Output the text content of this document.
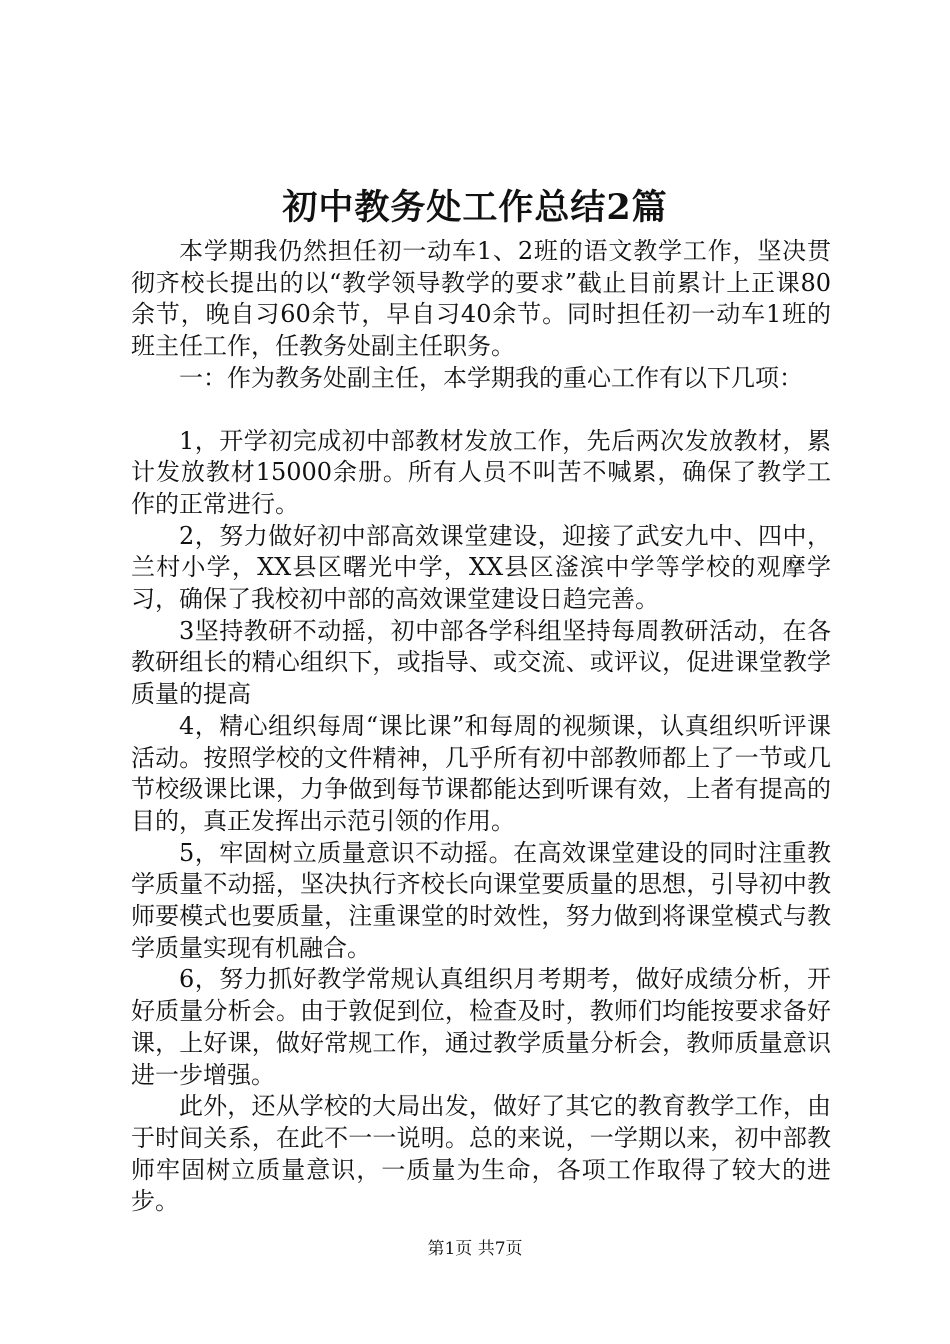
初中教务处工作总结2篇

本学期我仍然担任初一动车1、2班的语文教学工作，坚决贯彻齐校长提出的以“教学领导教学的要求”截止目前累计上正课80余节，晚自习60余节，早自习40余节。同时担任初一动车1班的班主任工作，任教务处副主任职务。

一：作为教务处副主任，本学期我的重心工作有以下几项：

1，开学初完成初中部教材发放工作，先后两次发放教材，累计发放教材15000余册。所有人员不叫苦不喊累，确保了教学工作的正常进行。

2，努力做好初中部高效课堂建设，迎接了武安九中、四中，兰村小学，XX县区曙光中学，XX县区滏滨中学等学校的观摩学习，确保了我校初中部的高效课堂建设日趋完善。

3坚持教研不动摇，初中部各学科组坚持每周教研活动，在各教研组长的精心组织下，或指导、或交流、或评议，促进课堂教学质量的提高

4，精心组织每周“课比课”和每周的视频课，认真组织听评课活动。按照学校的文件精神，几乎所有初中部教师都上了一节或几节校级课比课，力争做到每节课都能达到听课有效，上者有提高的目的，真正发挥出示范引领的作用。

5，牢固树立质量意识不动摇。在高效课堂建设的同时注重教学质量不动摇，坚决执行齐校长向课堂要质量的思想，引导初中教师要模式也要质量，注重课堂的时效性，努力做到将课堂模式与教学质量实现有机融合。

6，努力抓好教学常规认真组织月考期考，做好成绩分析，开好质量分析会。由于敦促到位，检查及时，教师们均能按要求备好课，上好课，做好常规工作，通过教学质量分析会，教师质量意识进一步增强。

此外，还从学校的大局出发，做好了其它的教育教学工作，由于时间关系，在此不一一说明。总的来说，一学期以来，初中部教师牢固树立质量意识，一质量为生命，各项工作取得了较大的进步。

第1页 共7页
